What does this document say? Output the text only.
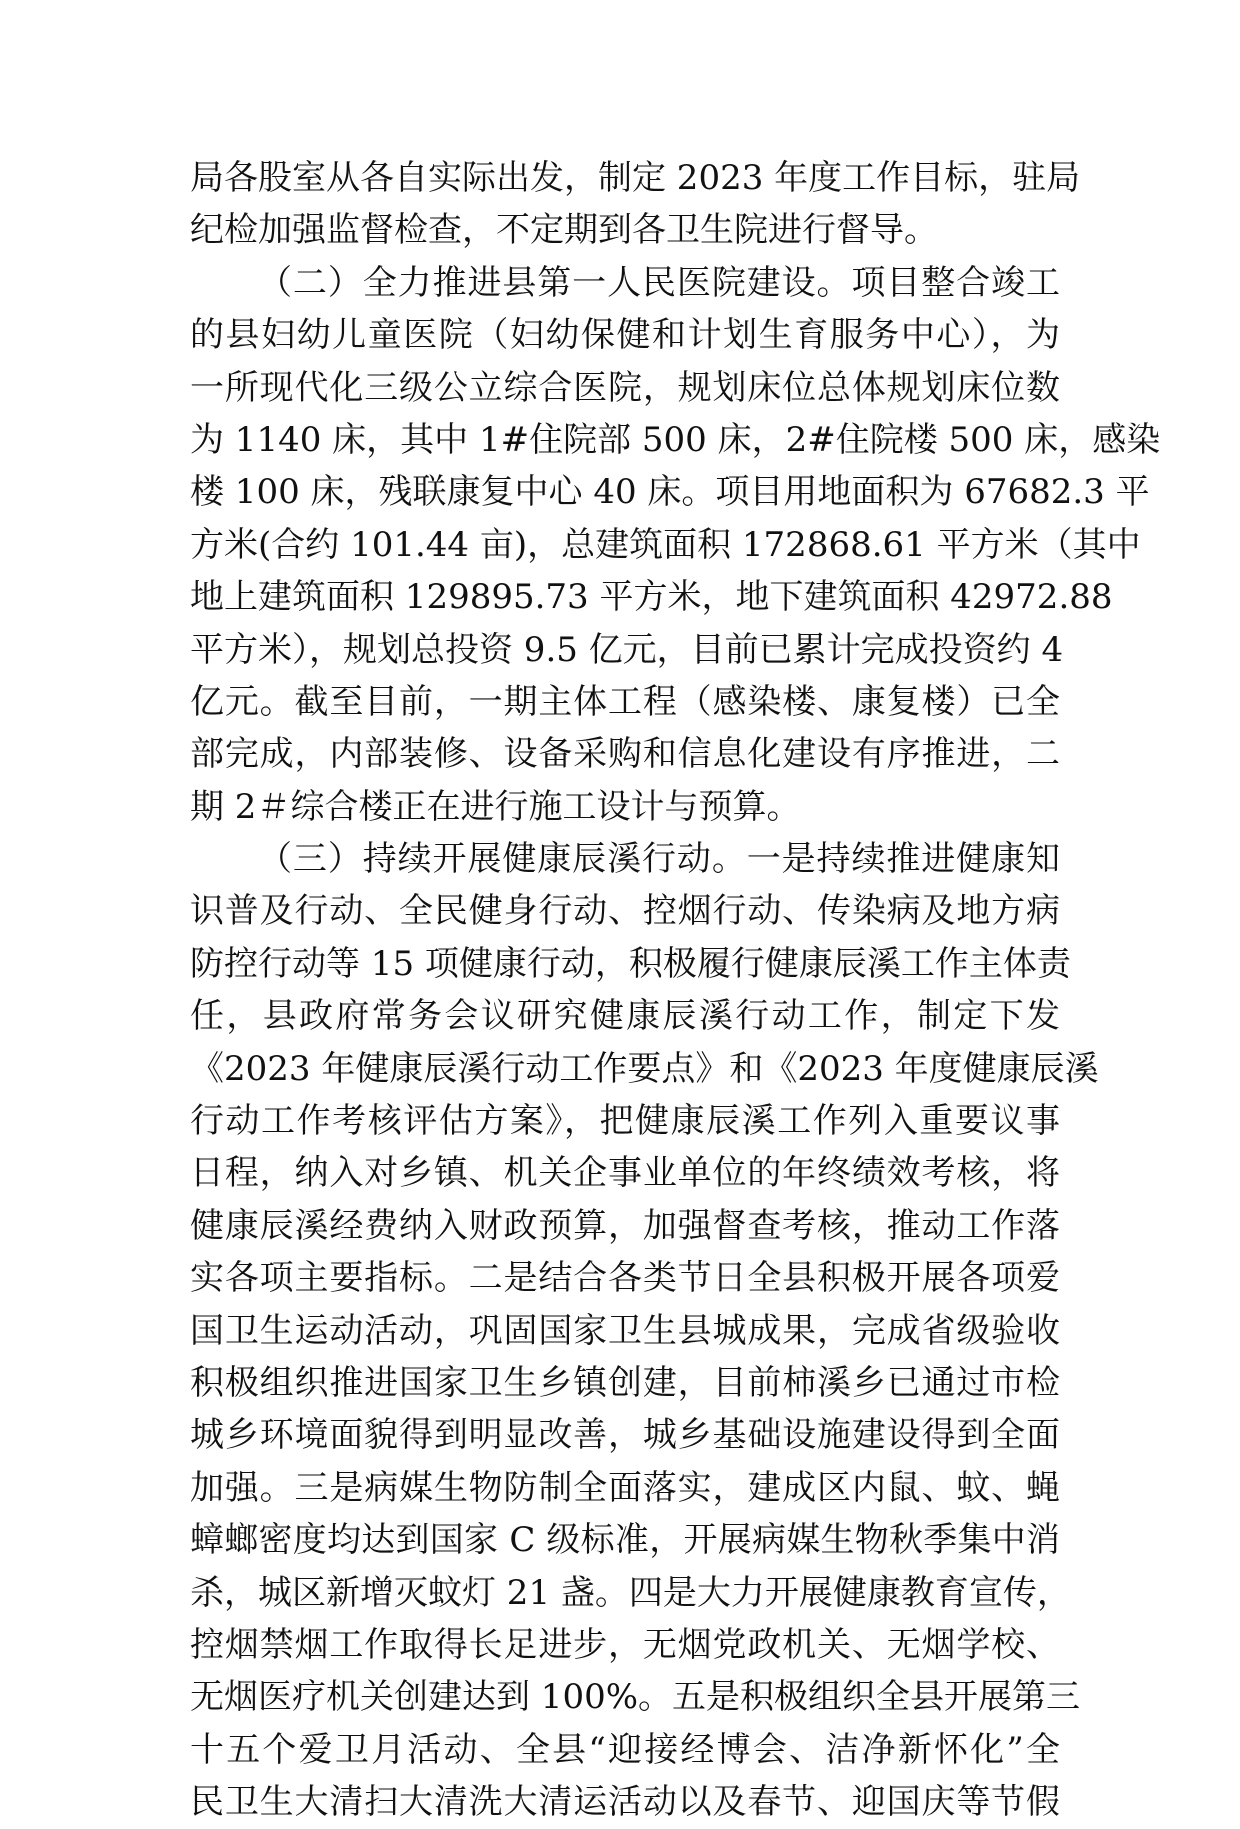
局各股室从各自实际出发，制定 2023 年度工作目标，驻局
纪检加强监督检查，不定期到各卫生院进行督导。
（二）全力推进县第一人民医院建设。项目整合竣工
的县妇幼儿童医院（妇幼保健和计划生育服务中心），为
一所现代化三级公立综合医院，规划床位总体规划床位数
为 1140 床，其中 1#住院部 500 床，2#住院楼 500 床，感染
楼 100 床，残联康复中心 40 床。项目用地面积为 67682.3 平
方米(合约 101.44 亩)，总建筑面积 172868.61 平方米（其中
地上建筑面积 129895.73 平方米，地下建筑面积 42972.88
平方米），规划总投资 9.5 亿元，目前已累计完成投资约 4
亿元。截至目前，一期主体工程（感染楼、康复楼）已全
部完成，内部装修、设备采购和信息化建设有序推进，二
期 2＃综合楼正在进行施工设计与预算。
（三）持续开展健康辰溪行动。一是持续推进健康知
识普及行动、全民健身行动、控烟行动、传染病及地方病
防控行动等 15 项健康行动，积极履行健康辰溪工作主体责
任，县政府常务会议研究健康辰溪行动工作，制定下发
《2023 年健康辰溪行动工作要点》和《2023 年度健康辰溪
行动工作考核评估方案》，把健康辰溪工作列入重要议事
日程，纳入对乡镇、机关企事业单位的年终绩效考核，将
健康辰溪经费纳入财政预算，加强督查考核，推动工作落
实各项主要指标。二是结合各类节日全县积极开展各项爱
国卫生运动活动，巩固国家卫生县城成果，完成省级验收
积极组织推进国家卫生乡镇创建，目前柿溪乡已通过市检
城乡环境面貌得到明显改善，城乡基础设施建设得到全面
加强。三是病媒生物防制全面落实，建成区内鼠、蚊、蝇
蟑螂密度均达到国家 C 级标准，开展病媒生物秋季集中消
杀，城区新增灭蚊灯 21 盏。四是大力开展健康教育宣传，
控烟禁烟工作取得长足进步，无烟党政机关、无烟学校、
无烟医疗机关创建达到 100%。五是积极组织全县开展第三
十五个爱卫月活动、全县“迎接经博会、洁净新怀化”全
民卫生大清扫大清洗大清运活动以及春节、迎国庆等节假
